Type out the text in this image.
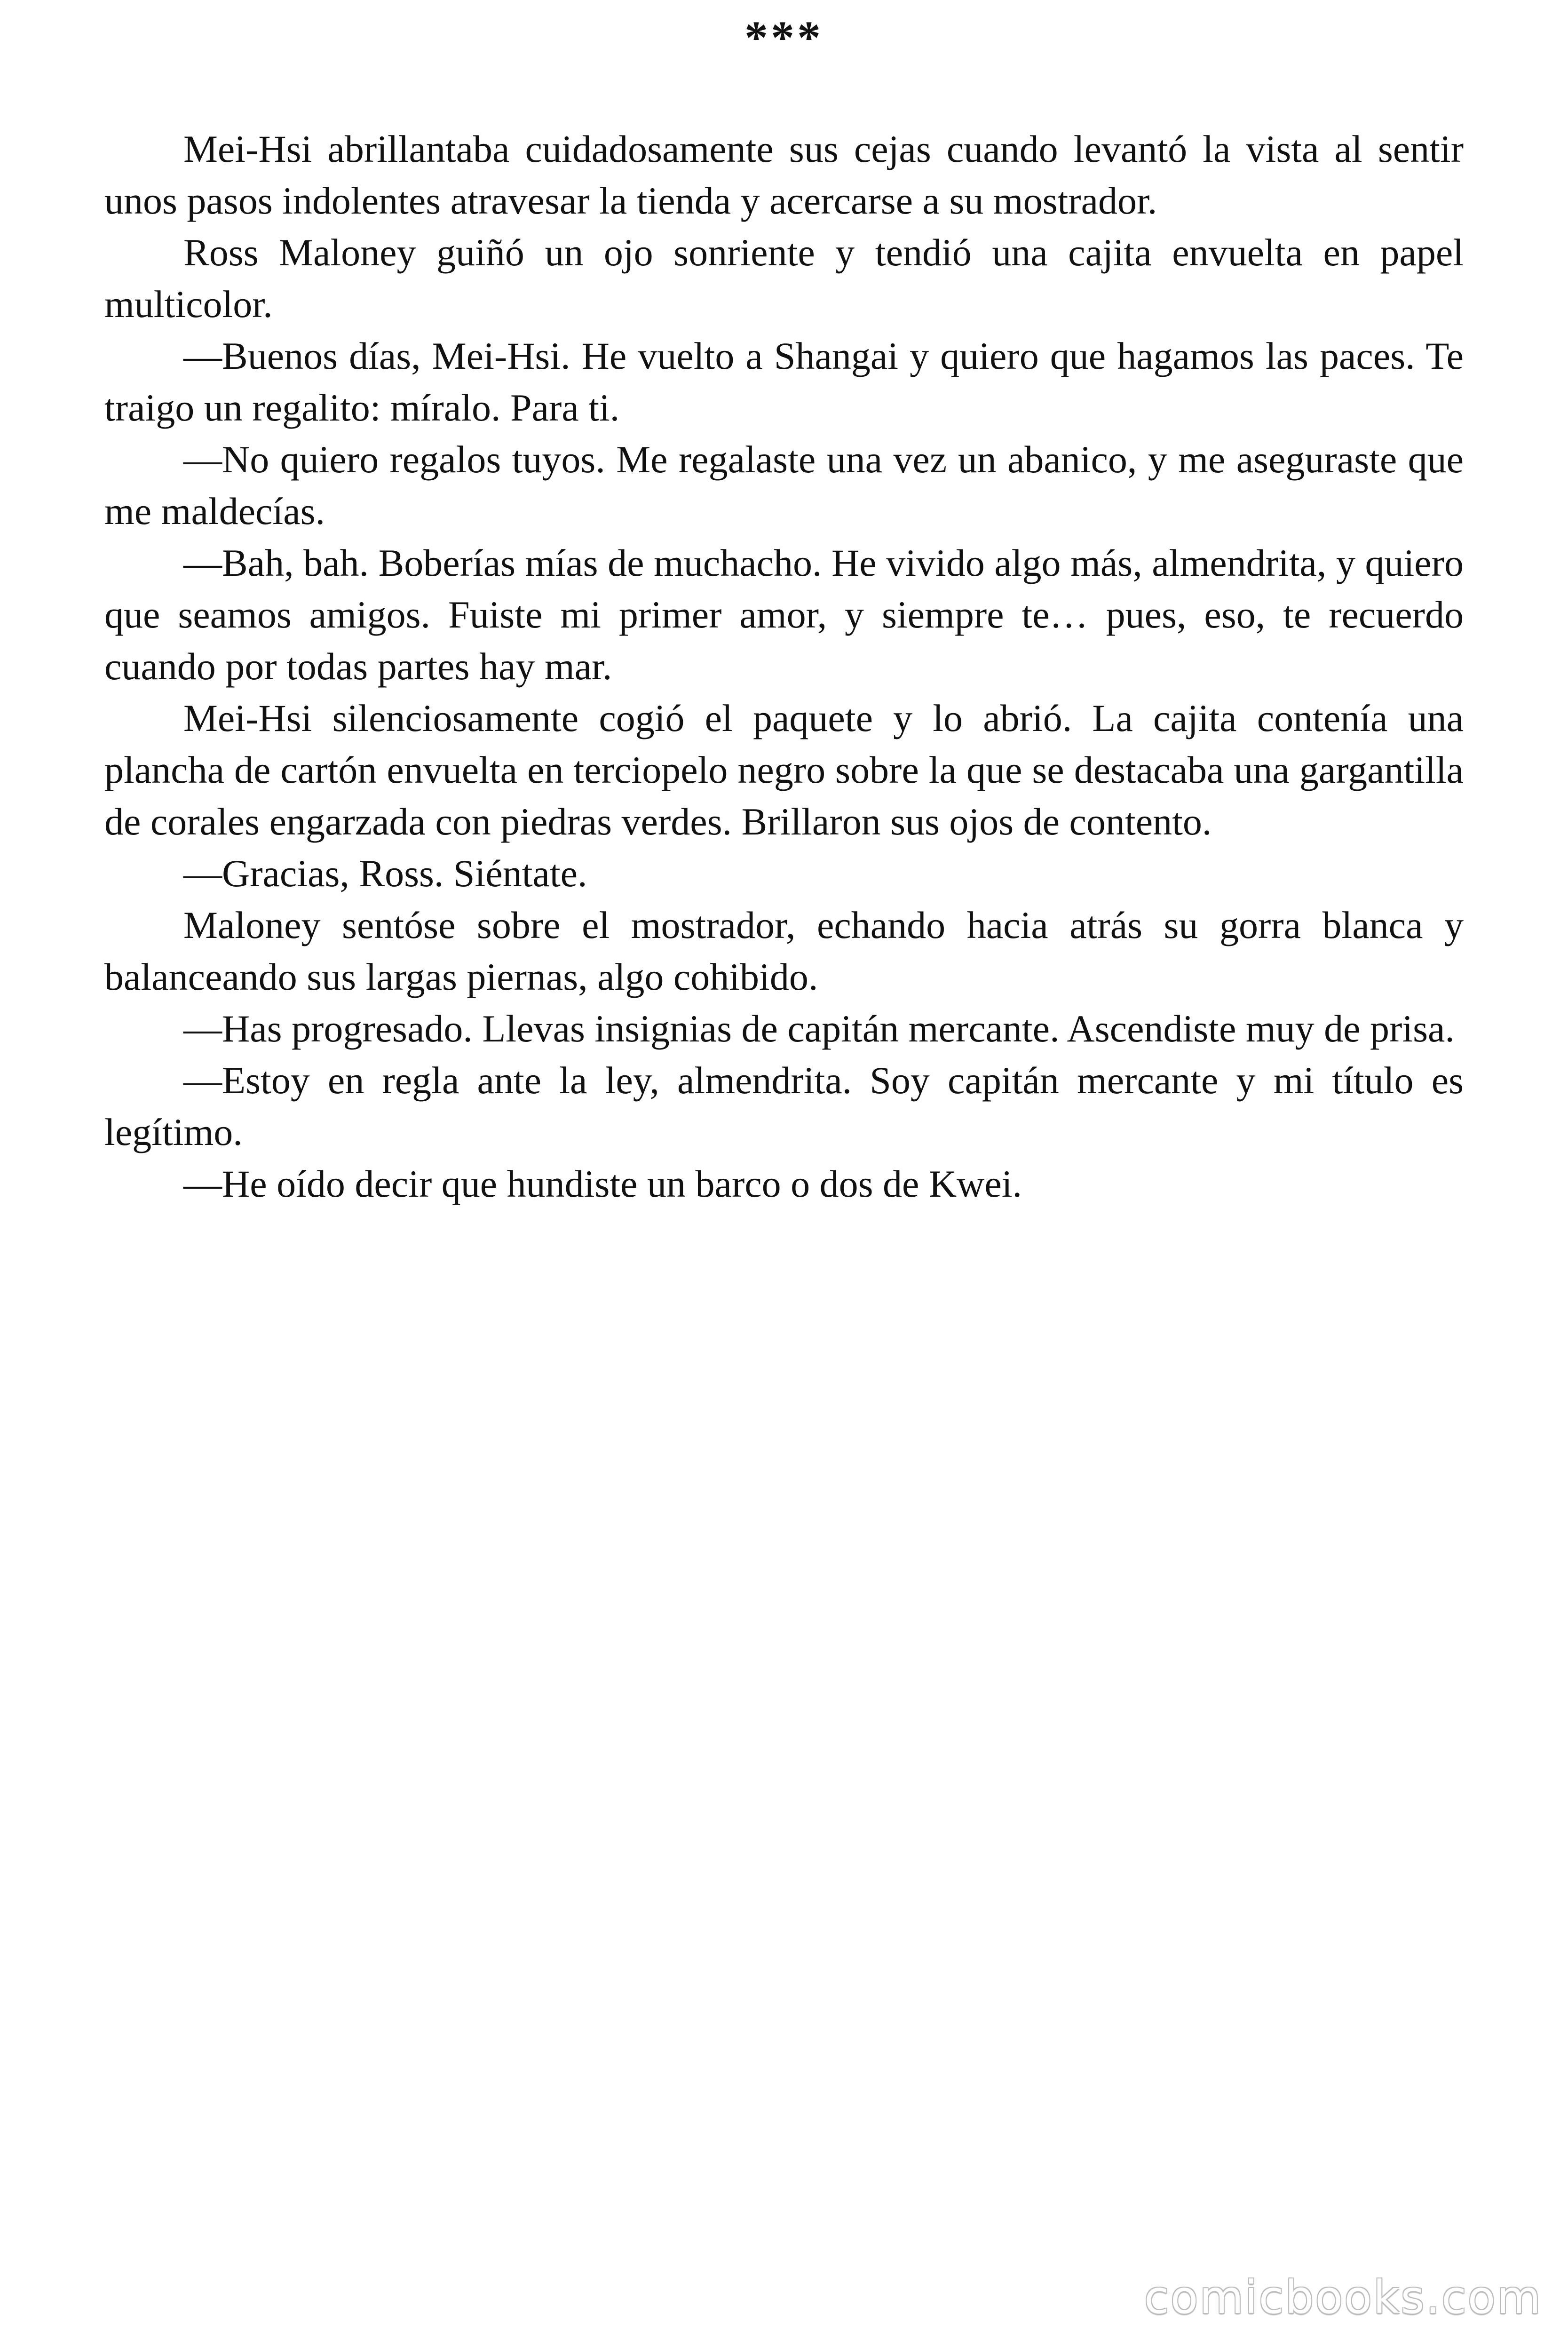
***

Mei-Hsi abrillantaba cuidadosamente sus cejas cuando levantó la vista al sentir unos pasos indolentes atravesar la tienda y acercarse a su mostrador.

Ross Maloney guiñó un ojo sonriente y tendió una cajita envuelta en papel multicolor.

—Buenos días, Mei-Hsi. He vuelto a Shangai y quiero que hagamos las paces. Te traigo un regalito: míralo. Para ti.

—No quiero regalos tuyos. Me regalaste una vez un abanico, y me aseguraste que me maldecías.

—Bah, bah. Boberías mías de muchacho. He vivido algo más, almendrita, y quiero que seamos amigos. Fuiste mi primer amor, y siempre te… pues, eso, te recuerdo cuando por todas partes hay mar.

Mei-Hsi silenciosamente cogió el paquete y lo abrió. La cajita contenía una plancha de cartón envuelta en terciopelo negro sobre la que se destacaba una gargantilla de corales engarzada con piedras verdes. Brillaron sus ojos de contento.

—Gracias, Ross. Siéntate.

Maloney sentóse sobre el mostrador, echando hacia atrás su gorra blanca y balanceando sus largas piernas, algo cohibido.

—Has progresado. Llevas insignias de capitán mercante. Ascendiste muy de prisa.

—Estoy en regla ante la ley, almendrita. Soy capitán mercante y mi título es legítimo.

—He oído decir que hundiste un barco o dos de Kwei.

comicbooks.com
